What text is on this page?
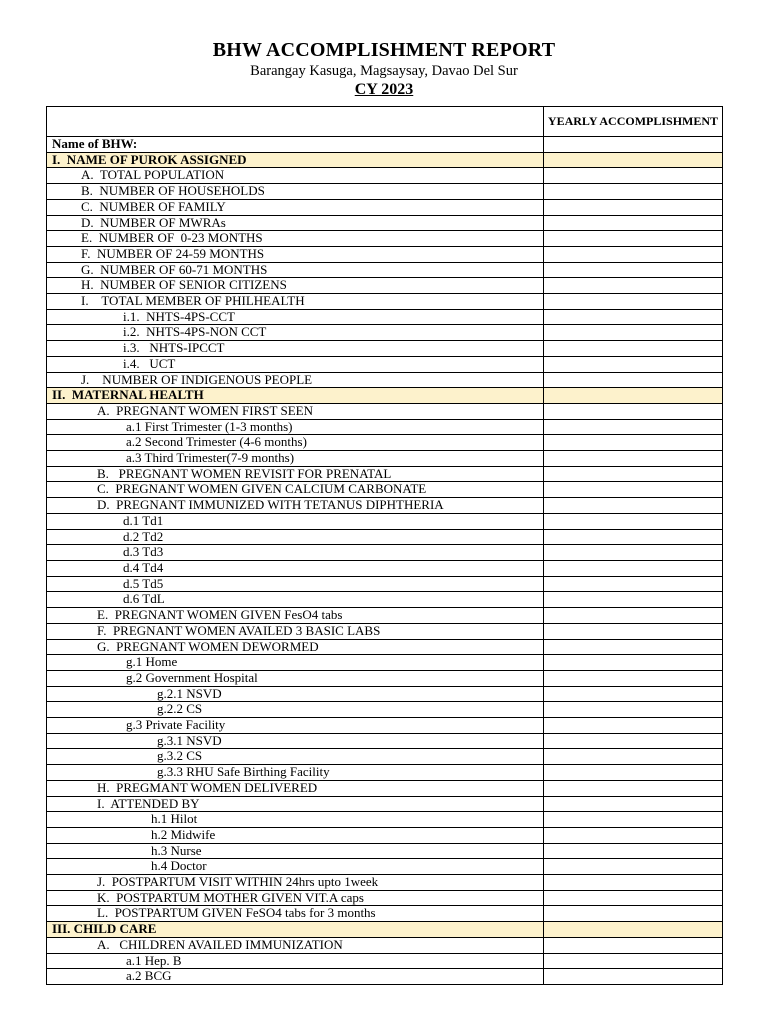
BHW ACCOMPLISHMENT REPORT
Barangay Kasuga, Magsaysay, Davao Del Sur
CY 2023
	YEARLY ACCOMPLISHMENT
Name of BHW:	
I.  NAME OF PUROK ASSIGNED	
A.  TOTAL POPULATION	
B.  NUMBER OF HOUSEHOLDS	
C.  NUMBER OF FAMILY	
D.  NUMBER OF MWRAs	
E.  NUMBER OF  0-23 MONTHS	
F.  NUMBER OF 24-59 MONTHS	
G.  NUMBER OF 60-71 MONTHS	
H.  NUMBER OF SENIOR CITIZENS	
I.    TOTAL MEMBER OF PHILHEALTH	
i.1.  NHTS-4PS-CCT	
i.2.  NHTS-4PS-NON CCT	
i.3.   NHTS-IPCCT	
i.4.   UCT	
J.    NUMBER OF INDIGENOUS PEOPLE	
II.  MATERNAL HEALTH	
A.  PREGNANT WOMEN FIRST SEEN	
a.1 First Trimester (1-3 months)	
a.2 Second Trimester (4-6 months)	
a.3 Third Trimester(7-9 months)	
B.   PREGNANT WOMEN REVISIT FOR PRENATAL	
C.  PREGNANT WOMEN GIVEN CALCIUM CARBONATE	
D.  PREGNANT IMMUNIZED WITH TETANUS DIPHTHERIA	
d.1 Td1	
d.2 Td2	
d.3 Td3	
d.4 Td4	
d.5 Td5	
d.6 TdL	
E.  PREGNANT WOMEN GIVEN FesO4 tabs	
F.  PREGNANT WOMEN AVAILED 3 BASIC LABS	
G.  PREGNANT WOMEN DEWORMED	
g.1 Home	
g.2 Government Hospital	
g.2.1 NSVD	
g.2.2 CS	
g.3 Private Facility	
g.3.1 NSVD	
g.3.2 CS	
g.3.3 RHU Safe Birthing Facility	
H.  PREGMANT WOMEN DELIVERED	
I.  ATTENDED BY	
h.1 Hilot	
h.2 Midwife	
h.3 Nurse	
h.4 Doctor	
J.  POSTPARTUM VISIT WITHIN 24hrs upto 1week	
K.  POSTPARTUM MOTHER GIVEN VIT.A caps	
L.  POSTPARTUM GIVEN FeSO4 tabs for 3 months	
III. CHILD CARE	
A.   CHILDREN AVAILED IMMUNIZATION	
a.1 Hep. B	
a.2 BCG	
